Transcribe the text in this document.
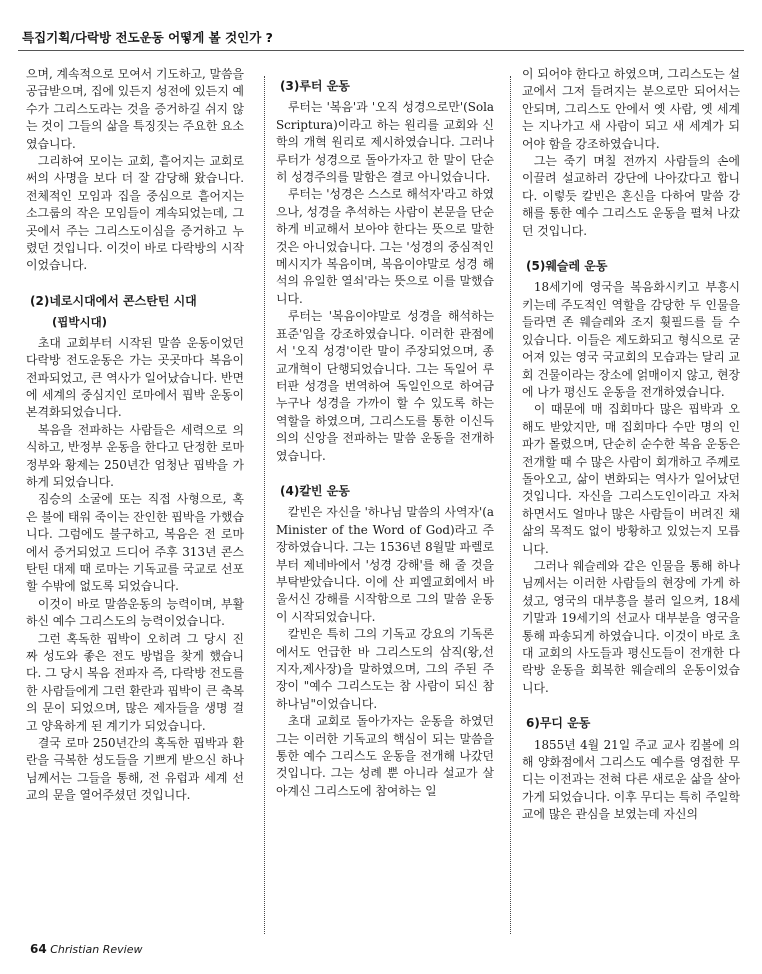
특집기획/다락방 전도운동 어떻게 볼 것인가 ?

으며, 계속적으로 모여서 기도하고, 말씀을 공급받으며, 집에 있든지 성전에 있든지 예수가 그리스도라는 것을 증거하길 쉬지 않는 것이 그들의 삶을 특징짓는 주요한 요소였습니다.

그리하여 모이는 교회, 흩어지는 교회로써의 사명을 보다 더 잘 감당해 왔습니다. 전체적인 모임과 집을 중심으로 흩어지는 소그룹의 작은 모임들이 계속되었는데, 그곳에서 주는 그리스도이심을 증거하고 누렸던 것입니다. 이것이 바로 다락방의 시작이었습니다.

(2)네로시대에서 콘스탄틴 시대
(핍박시대)

초대 교회부터 시작된 말씀 운동이었던 다락방 전도운동은 가는 곳곳마다 복음이 전파되었고, 큰 역사가 일어났습니다. 반면에 세계의 중심지인 로마에서 핍박 운동이 본격화되었습니다.

복음을 전파하는 사람들은 세력으로 의식하고, 반정부 운동을 한다고 단정한 로마 정부와 황제는 250년간 엄청난 핍박을 가하게 되었습니다.

짐승의 소굴에 또는 직접 사형으로, 혹은 불에 태워 죽이는 잔인한 핍박을 가했습니다. 그럼에도 불구하고, 복음은 전 로마에서 증거되었고 드디어 주후 313년 콘스탄틴 대제 때 로마는 기독교를 국교로 선포할 수밖에 없도록 되었습니다.

이것이 바로 말씀운동의 능력이며, 부활하신 예수 그리스도의 능력이었습니다.

그런 혹독한 핍박이 오히려 그 당시 진짜 성도와 좋은 전도 방법을 찾게 했습니다. 그 당시 복음 전파자 즉, 다락방 전도를 한 사람들에게 그런 환란과 핍박이 큰 축복의 문이 되었으며, 많은 제자들을 생명 걸고 양육하게 된 계기가 되었습니다.

결국 로마 250년간의 혹독한 핍박과 환란을 극복한 성도들을 기쁘게 받으신 하나님께서는 그들을 통해, 전 유럽과 세계 선교의 문을 열어주셨던 것입니다.

(3)루터 운동

루터는 '복음'과 '오직 성경으로만'(Sola Scriptura)이라고 하는 원리를 교회와 신학의 개혁 원리로 제시하였습니다. 그러나 루터가 성경으로 돌아가자고 한 말이 단순히 성경주의를 말함은 결코 아니었습니다.

루터는 '성경은 스스로 해석자'라고 하였으나, 성경을 추석하는 사람이 본문을 단순하게 비교해서 보아야 한다는 뜻으로 말한 것은 아니었습니다. 그는 '성경의 중심적인 메시지가 복음이며, 복음이야말로 성경 해석의 유일한 열쇠'라는 뜻으로 이를 말했습니다.

루터는 '복음이야말로 성경을 해석하는 표준'임을 강조하였습니다. 이러한 관점에서 '오직 성경'이란 말이 주장되었으며, 종교개혁이 단행되었습니다. 그는 독일어 루터판 성경을 번역하여 독일인으로 하여금 누구나 성경을 가까이 할 수 있도록 하는 역할을 하였으며, 그리스도를 통한 이신득의의 신앙을 전파하는 말씀 운동을 전개하였습니다.

(4)칼빈 운동

칼빈은 자신을 '하나님 말씀의 사역자'(a Minister of the Word of God)라고 주장하였습니다. 그는 1536년 8월말 파렐로부터 제네바에서 '성경 강해'를 해 줄 것을 부탁받았습니다. 이에 산 피엘교회에서 바울서신 강해를 시작함으로 그의 말씀 운동이 시작되었습니다.

칼빈은 특히 그의 기독교 강요의 기독론에서도 언급한 바 그리스도의 삼직(왕,선지자,제사장)을 말하였으며, 그의 주된 주장이 "예수 그리스도는 참 사람이 되신 참 하나님"이었습니다.

초대 교회로 돌아가자는 운동을 하였던 그는 이러한 기독교의 핵심이 되는 말씀을 통한 예수 그리스도 운동을 전개해 나갔던 것입니다. 그는 성례 뿐 아니라 설교가 살아계신 그리스도에 참여하는 일

이 되어야 한다고 하였으며, 그리스도는 설교에서 그저 들려지는 분으로만 되어서는 안되며, 그리스도 안에서 옛 사람, 옛 세계는 지나가고 새 사람이 되고 새 세계가 되어야 함을 강조하였습니다.

그는 죽기 며칠 전까지 사람들의 손에 이끌려 설교하러 강단에 나아갔다고 합니다. 이렇듯 칼빈은 혼신을 다하여 말씀 강해를 통한 예수 그리스도 운동을 펼쳐 나갔던 것입니다.

(5)웨슬레 운동

18세기에 영국을 복음화시키고 부흥시키는데 주도적인 역할을 감당한 두 인물을 들라면 존 웨슬레와 조지 휫필드를 들 수 있습니다. 이들은 제도화되고 형식으로 굳어져 있는 영국 국교회의 모습과는 달리 교회 건물이라는 장소에 얽매이지 않고, 현장에 나가 평신도 운동을 전개하였습니다.

이 때문에 매 집회마다 많은 핍박과 오해도 받았지만, 매 집회마다 수만 명의 인파가 몰렸으며, 단순히 순수한 복음 운동은 전개할 때 수 많은 사람이 회개하고 주께로 돌아오고, 삶이 변화되는 역사가 일어났던 것입니다. 자신을 그리스도인이라고 자처하면서도 얼마나 많은 사람들이 버려진 채 삶의 목적도 없이 방황하고 있었는지 모릅니다.

그러나 웨슬레와 같은 인물을 통해 하나님께서는 이러한 사람들의 현장에 가게 하셨고, 영국의 대부흥을 불러 일으켜, 18세기말과 19세기의 선교사 대부분을 영국을 통해 파송되게 하였습니다. 이것이 바로 초대 교회의 사도들과 평신도들이 전개한 다락방 운동을 회복한 웨슬레의 운동이었습니다.

6)무디 운동

1855년 4월 21일 주교 교사 킴볼에 의해 양화점에서 그리스도 예수를 영접한 무디는 이전과는 전혀 다른 새로운 삶을 살아가게 되었습니다. 이후 무디는 특히 주일학교에 많은 관심을 보였는데 자신의

64 Christian Review
